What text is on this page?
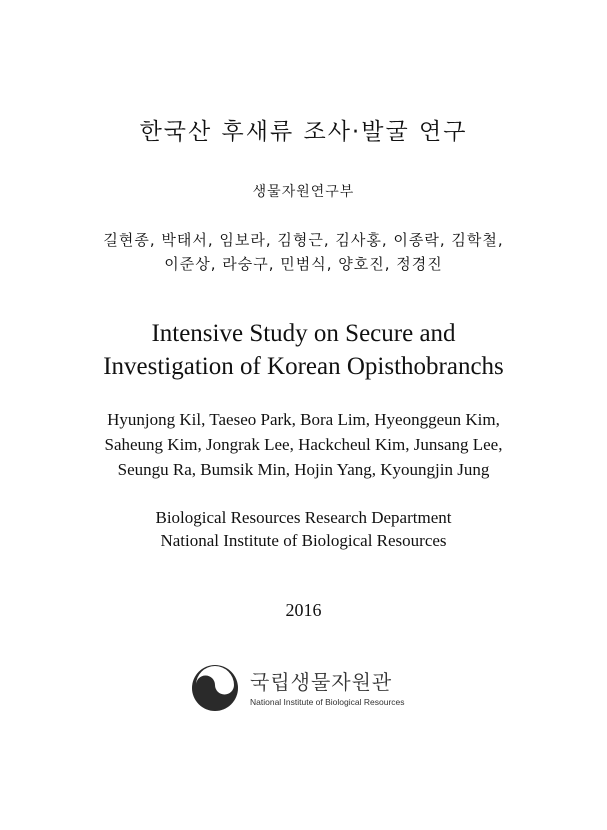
한국산 후새류 조사·발굴 연구
생물자원연구부
길현종, 박태서, 임보라, 김형근, 김사홍, 이종락, 김학철,
이준상, 라숭구, 민범식, 양호진, 정경진
Intensive Study on Secure and
Investigation of Korean Opisthobranchs
Hyunjong Kil, Taeseo Park, Bora Lim, Hyeonggeun Kim,
Saheung Kim, Jongrak Lee, Hackcheul Kim, Junsang Lee,
Seungu Ra, Bumsik Min, Hojin Yang, Kyoungjin Jung
Biological Resources Research Department
National Institute of Biological Resources
2016
국립생물자원관
National Institute of Biological Resources
